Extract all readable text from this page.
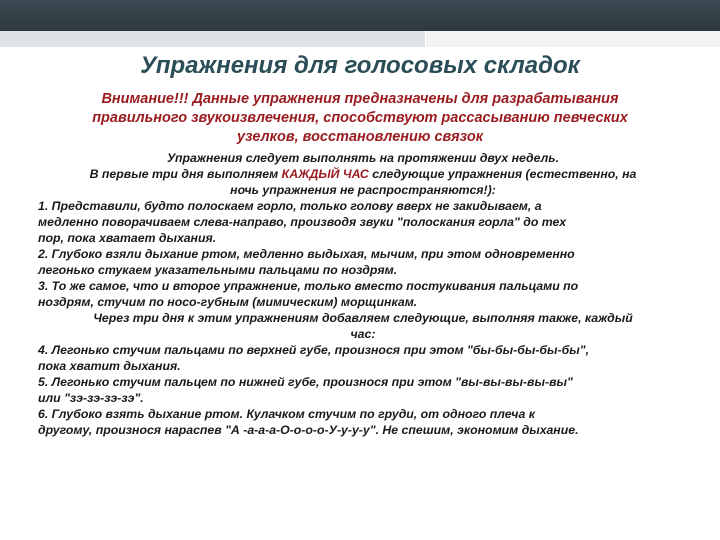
Упражнения для голосовых складок
Внимание!!! Данные упражнения предназначены для разрабатывания
правильного звукоизвлечения, способствуют рассасыванию певческих
узелков, восстановлению связок
Упражнения следует выполнять на протяжении двух недель.
В первые три дня выполняем КАЖДЫЙ ЧАС следующие упражнения (естественно, на
ночь упражнения не распространяются!):
1. Представили, будто полоскаем горло, только голову вверх не закидываем, а
медленно поворачиваем слева-направо, производя звуки "полоскания горла" до тех
пор, пока хватает дыхания.
2. Глубоко взяли дыхание ртом, медленно выдыхая, мычим, при этом одновременно
легонько стукаем указательными пальцами по ноздрям.
3. То же самое, что и второе упражнение, только вместо постукивания пальцами по
ноздрям, стучим по носо-губным (мимическим) морщинкам.
Через три дня к этим упражнениям добавляем следующие, выполняя также, каждый
час:
4. Легонько стучим пальцами по верхней губе, произнося при этом "бы-бы-бы-бы-бы",
пока хватит дыхания.
5. Легонько стучим пальцем по нижней губе, произнося при этом "вы-вы-вы-вы-вы"
или "зэ-зэ-зэ-зэ".
6. Глубоко взять дыхание ртом. Кулачком стучим по груди, от одного плеча к
другому, произнося нараспев "А -а-а-а-О-о-о-о-У-у-у-у". Не спешим, экономим дыхание.
